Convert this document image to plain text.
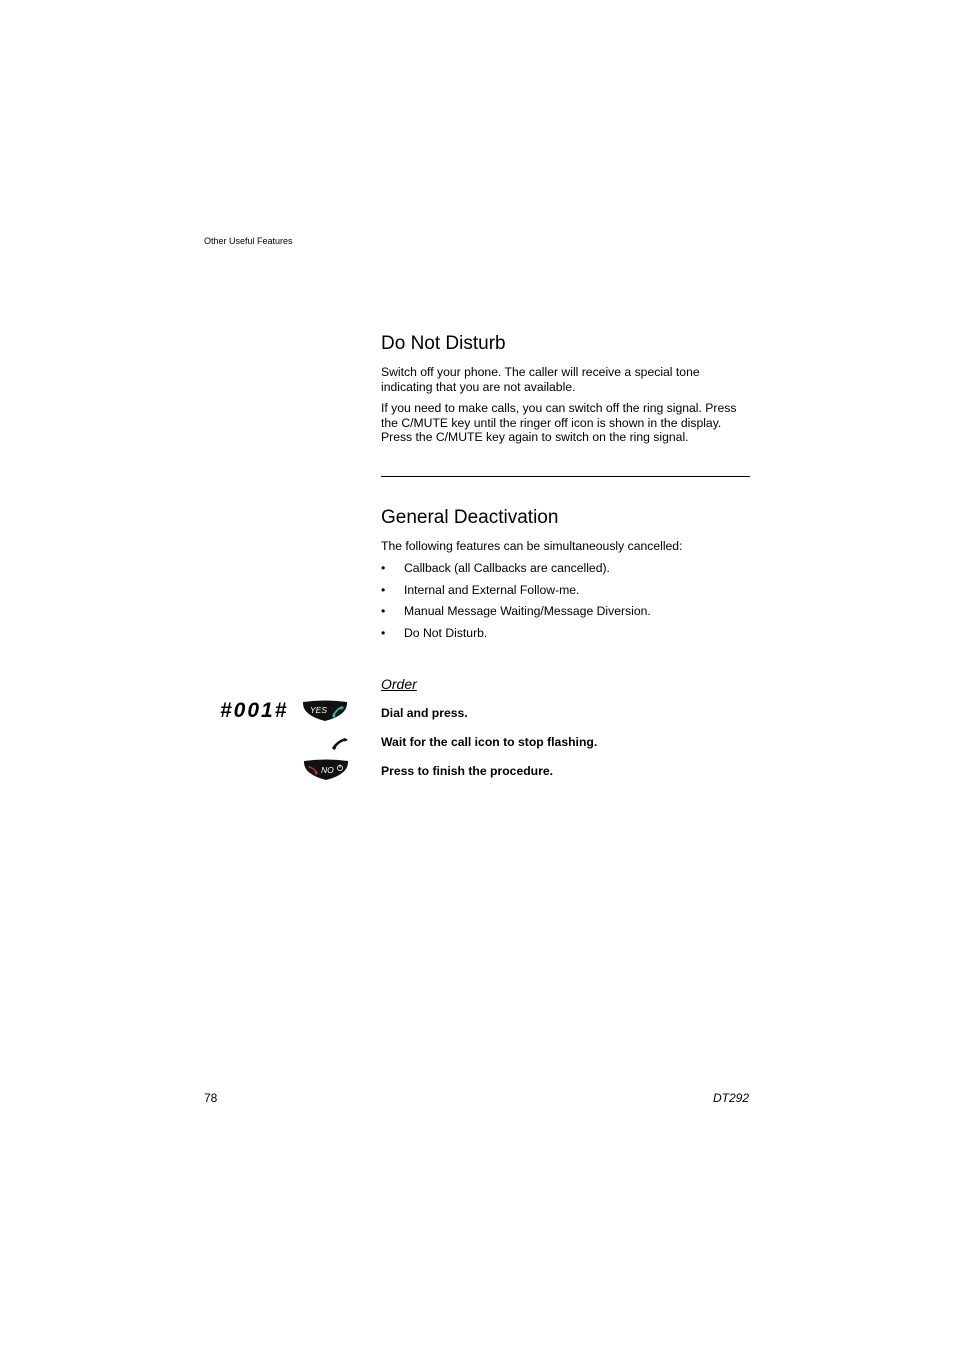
Other Useful Features
Do Not Disturb
Switch off your phone. The caller will receive a special tone indicating that you are not available.
If you need to make calls, you can switch off the ring signal. Press the C/MUTE key until the ringer off icon is shown in the display. Press the C/MUTE key again to switch on the ring signal.
General Deactivation
The following features can be simultaneously cancelled:
• Callback (all Callbacks are cancelled).
• Internal and External Follow-me.
• Manual Message Waiting/Message Diversion.
• Do Not Disturb.
Order
#001#	YES	Dial and press.
Wait for the call icon to stop flashing.
NO	Press to finish the procedure.
78	DT292
